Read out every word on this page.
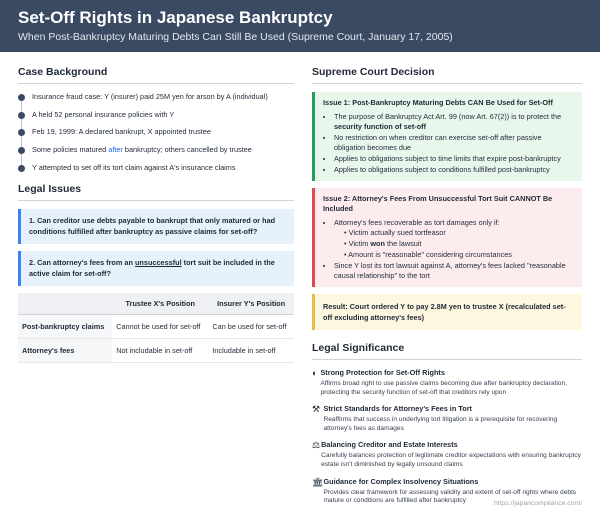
Set-Off Rights in Japanese Bankruptcy
When Post-Bankruptcy Maturing Debts Can Still Be Used (Supreme Court, January 17, 2005)
Case Background
Insurance fraud case: Y (insurer) paid 25M yen for arson by A (individual)
A held 52 personal insurance policies with Y
Feb 19, 1999: A declared bankrupt, X appointed trustee
Some policies matured after bankruptcy; others cancelled by trustee
Y attempted to set off its tort claim against A's insurance claims
Legal Issues
1. Can creditor use debts payable to bankrupt that only matured or had conditions fulfilled after bankruptcy as passive claims for set-off?
2. Can attorney's fees from an unsuccessful tort suit be included in the active claim for set-off?
	Trustee X's Position	Insurer Y's Position
Post-bankruptcy claims	Cannot be used for set-off	Can be used for set-off
Attorney's fees	Not includable in set-off	Includable in set-off
Supreme Court Decision
Issue 1: Post-Bankruptcy Maturing Debts CAN Be Used for Set-Off
• The purpose of Bankruptcy Act Art. 99 (now Art. 67(2)) is to protect the security function of set-off
• No restriction on when creditor can exercise set-off after passive obligation becomes due
• Applies to obligations subject to time limits that expire post-bankruptcy
• Applies to obligations subject to conditions fulfilled post-bankruptcy
Issue 2: Attorney's Fees From Unsuccessful Tort Suit CANNOT Be Included
• Attorney's fees recoverable as tort damages only if:
• Victim actually sued tortfeasor
• Victim won the lawsuit
• Amount is "reasonable" considering circumstances
• Since Y lost its tort lawsuit against A, attorney's fees lacked "reasonable causal relationship" to the tort
Result: Court ordered Y to pay 2.8M yen to trustee X (recalculated set-off excluding attorney's fees)
Legal Significance
◐ Strong Protection for Set-Off Rights
Affirms broad right to use passive claims becoming due after bankruptcy declaration, protecting the security function of set-off that creditors rely upon
⚒ Strict Standards for Attorney's Fees in Tort
Reaffirms that success in underlying tort litigation is a prerequisite for recovering attorney's fees as damages
⚖ Balancing Creditor and Estate Interests
Carefully balances protection of legitimate creditor expectations with ensuring bankruptcy estate isn't diminished by legally unsound claims
🏛 Guidance for Complex Insolvency Situations
Provides clear framework for assessing validity and extent of set-off rights where debts mature or conditions are fulfilled after bankruptcy	https://japancompliance.com/
